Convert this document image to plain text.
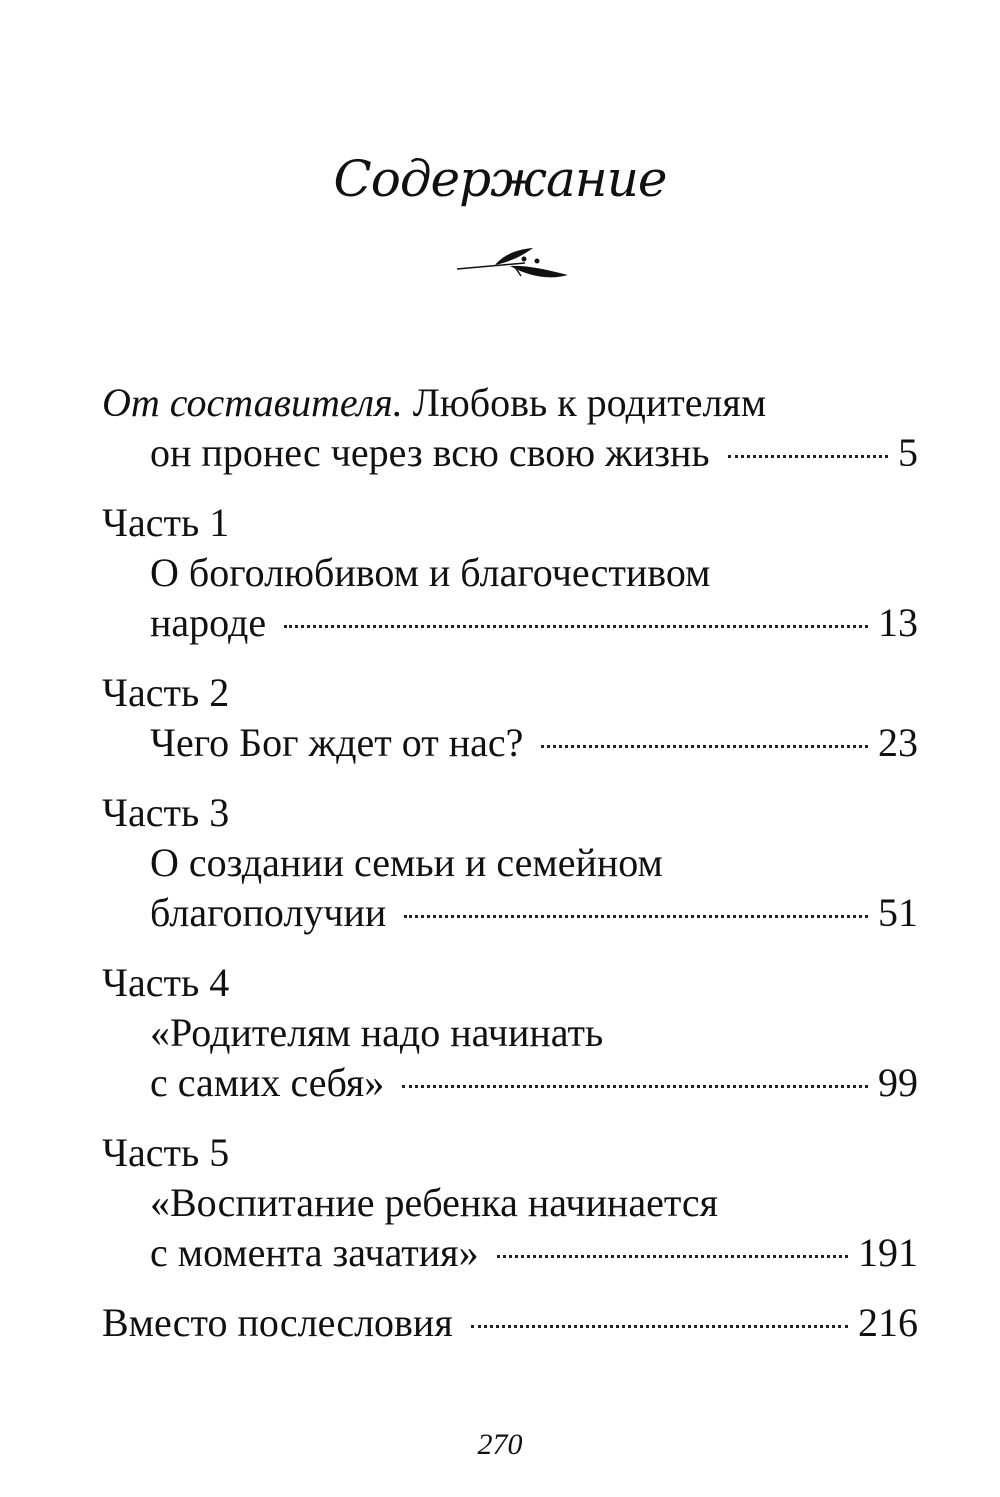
Содержание
От составителя. Любовь к родителям
он пронес через всю свою жизнь	5
Часть 1
О боголюбивом и благочестивом
народе	13
Часть 2
Чего Бог ждет от нас?	23
Часть 3
О создании семьи и семейном
благополучии	51
Часть 4
«Родителям надо начинать
с самих себя»	99
Часть 5
«Воспитание ребенка начинается
с момента зачатия»	191
Вместо послесловия	216
270
